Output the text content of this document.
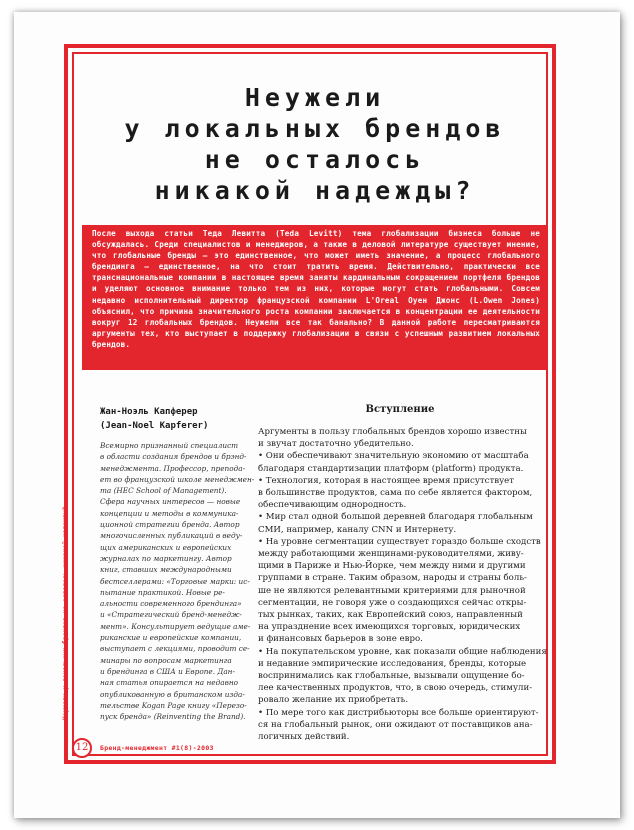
Неужели
у локальных брендов
не осталось
никакой надежды?
После выхода статьи Теда Левитта (Теda Levitt) тема глобализации бизнеса больше не обсуждалась. Среди специалистов и менеджеров, а также в деловой литературе существует мнение, что глобальные бренды — это единственное, что может иметь значение, а процесс глобального брендинга — единственное, на что стоит тратить время. Действительно, практически все транснациональные компании в настоящее время заняты кардинальным сокращением портфеля брендов и уделяют основное внимание только тем из них, которые могут стать глобальными. Совсем недавно исполнительный директор французской компании L'Oreal Оуен Джонс (L.Owen Jones) объяснил, что причина значительного роста компании заключается в концентрации ее деятельности вокруг 12 глобальных брендов. Неужели все так банально? В данной работе пересматриваются аргументы тех, кто выступает в поддержку глобализации в связи с успешным развитием локальных брендов.
Жан-Ноэль Капферер
(Jean-Noel Kapferer)
Всемирно признанный специалист
в области создания брендов и брэнд-
менеджмента. Профессор, препода-
ет во французской школе менеджмен-
та (HEC School of Management).
Сфера научных интересов — новые
концепции и методы в коммуника-
ционной стратегии бренда. Автор
многочисленных публикаций в веду-
щих американских и европейских
журналах по маркетингу. Автор
книг, ставших международными
бестселлерами: «Торговые марки: ис-
пытание практикой. Новые ре-
альности современного брендинга»
и «Стратегический бренд-менедж-
мент». Консультирует ведущие аме-
риканские и европейские компании,
выступает с лекциями, проводит се-
минары по вопросам маркетинга
и брендинга в США и Европе. Дан-
ная статья опирается на недавно
опубликованную в британском изда-
тельстве Kogan Page книгу «Перезо-
пуск бренда» (Reinventing the Brand).
Неужели у локальных брендов не осталось никакой надежды?
Вступление
Аргументы в пользу глобальных брендов хорошо известны
и звучат достаточно убедительно.
• Они обеспечивают значительную экономию от масштаба
благодаря стандартизации платформ (platform) продукта.
• Технология, которая в настоящее время присутствует
в большинстве продуктов, сама по себе является фактором,
обеспечивающим однородность.
• Мир стал одной большой деревней благодаря глобальным
СМИ, например, каналу CNN и Интернету.
• На уровне сегментации существует гораздо больше сходств
между работающими женщинами-руководителями, живу-
щими в Париже и Нью-Йорке, чем между ними и другими
группами в стране. Таким образом, народы и страны боль-
ше не являются релевантными критериями для рыночной
сегментации, не говоря уже о создающихся сейчас откры-
тых рынках, таких, как Европейский союз, направленный
на упразднение всех имеющихся торговых, юридических
и финансовых барьеров в зоне евро.
• На покупательском уровне, как показали общие наблюдения
и недавние эмпирические исследования, бренды, которые
воспринимались как глобальные, вызывали ощущение бо-
лее качественных продуктов, что, в свою очередь, стимули-
ровало желание их приобретать.
• По мере того как дистрибьюторы все больше ориентируют-
ся на глобальный рынок, они ожидают от поставщиков ана-
логичных действий.
12	Бренд-менеджмент #1(8)-2003
